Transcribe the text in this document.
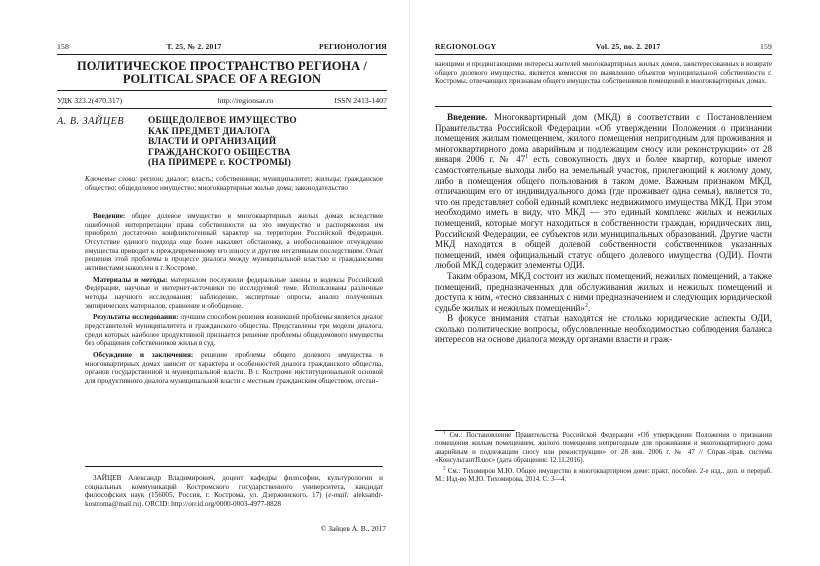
158	Т. 25, № 2. 2017	РЕГИОНОЛОГИЯ
ПОЛИТИЧЕСКОЕ ПРОСТРАНСТВО РЕГИОНА /
POLITICAL SPACE OF A REGION
УДК 323.2(470.317)	http://regionsar.ru	ISSN 2413-1407
А. В. ЗАЙЦЕВ	ОБЩЕДОЛЕВОЕ ИМУЩЕСТВО
КАК ПРЕДМЕТ ДИАЛОГА
ВЛАСТИ И ОРГАНИЗАЦИЙ
ГРАЖДАНСКОГО ОБЩЕСТВА
(НА ПРИМЕРЕ г. КОСТРОМЫ)
Ключевые слова: регион; диалог; власть; собственники; муниципалитет; жильцы; гражданское общество; общедолевое имущество; многоквартирные жилые дома; законодательство

Введение: общее долевое имущество в многоквартирных жилых домах вследствие ошибочной интерпретации права собственности на это имущество и распоряжения им приобрело достаточно конфликтогенный характер на территории Российской Федерации. Отсутствие единого подхода еще более накаляет обстановку, а необоснованное отчуждение имущества приводит к преждевременному его износу и другим негативным последствиям. Опыт решения этой проблемы в процессе диалога между муниципальной властью и гражданскими активистами накоплен в г. Костроме.

Материалы и методы: материалом послужили федеральные законы и кодексы Российской Федерации, научные и интернет-источники по исследуемой теме. Использованы различные методы научного исследования: наблюдение, экспертные опросы, анализ полученных эмпирических материалов, сравнение и обобщение.

Результаты исследования: лучшим способом решения возникшей проблемы является диалог представителей муниципалитета и гражданского общества. Представлены три модели диалога, среди которых наиболее продуктивной признается решение проблемы общедомового имущества без обращения собственников жилья в суд.

Обсуждение и заключения: решение проблемы общего долевого имущества в многоквартирных домах зависит от характера и особенностей диалога гражданского общества, органов государственной и муниципальной власти. В г. Костроме институциональной основой для продуктивного диалога муниципальной власти с местным гражданским обществом, отстаи-

ЗАЙЦЕВ Александр Владимирович, доцент кафедры философии, культурологии и социальных коммуникаций Костромского государственного университета, кандидат философских наук (156005, Россия, г. Кострома, ул. Дзержинского, 17) (e-mail: aleksandr-kostroma@mail.ru). ORCID: http://orcid.org/0000-0003-4977-8828
© Зайцев А. В., 2017
REGIONOLOGY	Vol. 25, no. 2. 2017	159
вающими и продвигающими интересы жителей многоквартирных жилых домов, заинтересованных в возврате общего долевого имущества, является комиссия по выявлению объектов муниципальной собственности г. Костромы, отвечающих признакам общего имущества собственников помещений в многоквартирных домах.

Введение. Многоквартирный дом (МКД) в соответствии с Постановлением Правительства Российской Федерации «Об утверждении Положения о признании помещения жилым помещением, жилого помещения непригодным для проживания и многоквартирного дома аварийным и подлежащим сносу или реконструкции» от 28 января 2006 г. № $47^1$ есть совокупность двух и более квартир, которые имеют самостоятельные выходы либо на земельный участок, прилегающий к жилому дому, либо в помещения общего пользования в таком доме. Важным признаком МКД, отличающим его от индивидуального дома (где проживает одна семья), является то, что он представляет собой единый комплекс недвижимого имущества МКД. При этом необходимо иметь в виду, что МКД — это единый комплекс жилых и нежилых помещений, которые могут находиться в собственности граждан, юридических лиц, Российской Федерации, ее субъектов или муниципальных образований. Другие части МКД находятся в общей долевой собственности собственников указанных помещений, имея официальный статус общего долевого имущества (ОДИ). Почти любой МКД содержит элементы ОДИ.

Таким образом, МКД состоит из жилых помещений, нежилых помещений, а также помещений, предназначенных для обслуживания жилых и нежилых помещений и доступа к ним, «тесно связанных с ними предназначением и следующих юридической судьбе жилых и нежилых помещений»$^2$.

В фокусе внимания статьи находятся не столько юридические аспекты ОДИ, сколько политические вопросы, обусловленные необходимостью соблюдения баланса интересов на основе диалога между органами власти и граж-

$^1$ См.: Постановление Правительства Российской Федерации «Об утверждении Положения о признании помещения жилым помещением, жилого помещения непригодным для проживания и многоквартирного дома аварийным и подлежащим сносу или реконструкции» от 28 янв. 2006 г. № 47 // Справ.-прав. система «КонсультантПлюс» (дата обращения: 12.11.2016).

$^2$ См.: Тихомиров М.Ю. Общее имущество в многоквартирном доме: практ. пособие. 2-е изд., доп. и перераб. М.: Изд-во М.Ю. Тихомирова, 2014. С. 3—4.
